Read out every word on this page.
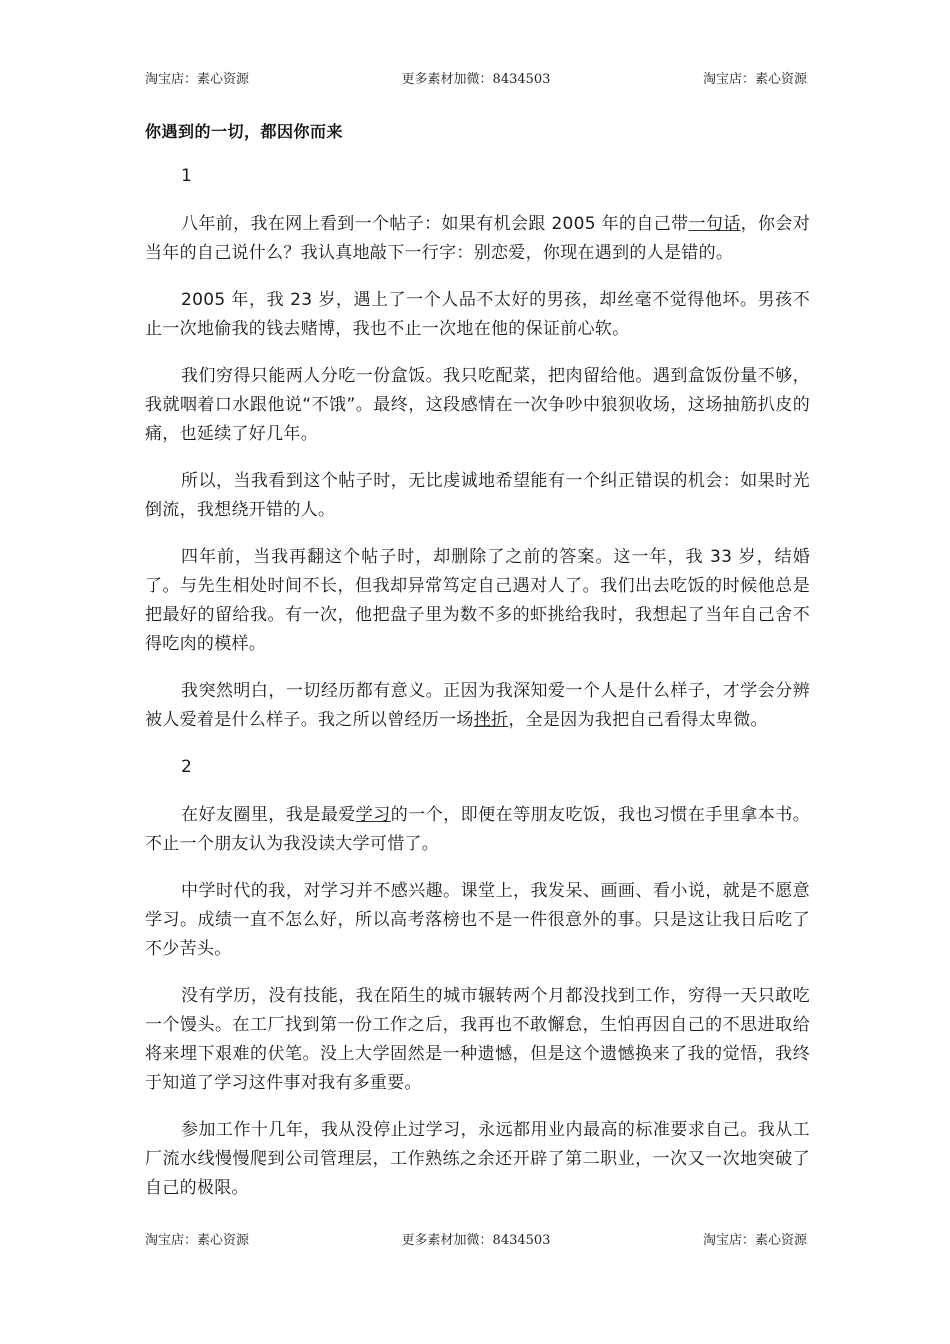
淘宝店：素心资源	更多素材加微：8434503	淘宝店：素心资源
你遇到的一切，都因你而来

1

八年前，我在网上看到一个帖子：如果有机会跟 2005 年的自己带一句话，你会对当年的自己说什么？我认真地敲下一行字：别恋爱，你现在遇到的人是错的。

2005 年，我 23 岁，遇上了一个人品不太好的男孩，却丝毫不觉得他坏。男孩不止一次地偷我的钱去赌博，我也不止一次地在他的保证前心软。

我们穷得只能两人分吃一份盒饭。我只吃配菜，把肉留给他。遇到盒饭份量不够，我就咽着口水跟他说“不饿”。最终，这段感情在一次争吵中狼狈收场，这场抽筋扒皮的痛，也延续了好几年。

所以，当我看到这个帖子时，无比虔诚地希望能有一个纠正错误的机会：如果时光倒流，我想绕开错的人。

四年前，当我再翻这个帖子时，却删除了之前的答案。这一年，我 33 岁，结婚了。与先生相处时间不长，但我却异常笃定自己遇对人了。我们出去吃饭的时候他总是把最好的留给我。有一次，他把盘子里为数不多的虾挑给我时，我想起了当年自己舍不得吃肉的模样。

我突然明白，一切经历都有意义。正因为我深知爱一个人是什么样子，才学会分辨被人爱着是什么样子。我之所以曾经历一场挫折，全是因为我把自己看得太卑微。

2

在好友圈里，我是最爱学习的一个，即便在等朋友吃饭，我也习惯在手里拿本书。不止一个朋友认为我没读大学可惜了。

中学时代的我，对学习并不感兴趣。课堂上，我发呆、画画、看小说，就是不愿意学习。成绩一直不怎么好，所以高考落榜也不是一件很意外的事。只是这让我日后吃了不少苦头。

没有学历，没有技能，我在陌生的城市辗转两个月都没找到工作，穷得一天只敢吃一个馒头。在工厂找到第一份工作之后，我再也不敢懈怠，生怕再因自己的不思进取给将来埋下艰难的伏笔。没上大学固然是一种遗憾，但是这个遗憾换来了我的觉悟，我终于知道了学习这件事对我有多重要。

参加工作十几年，我从没停止过学习，永远都用业内最高的标准要求自己。我从工厂流水线慢慢爬到公司管理层，工作熟练之余还开辟了第二职业，一次又一次地突破了自己的极限。

淘宝店：素心资源	更多素材加微：8434503	淘宝店：素心资源
